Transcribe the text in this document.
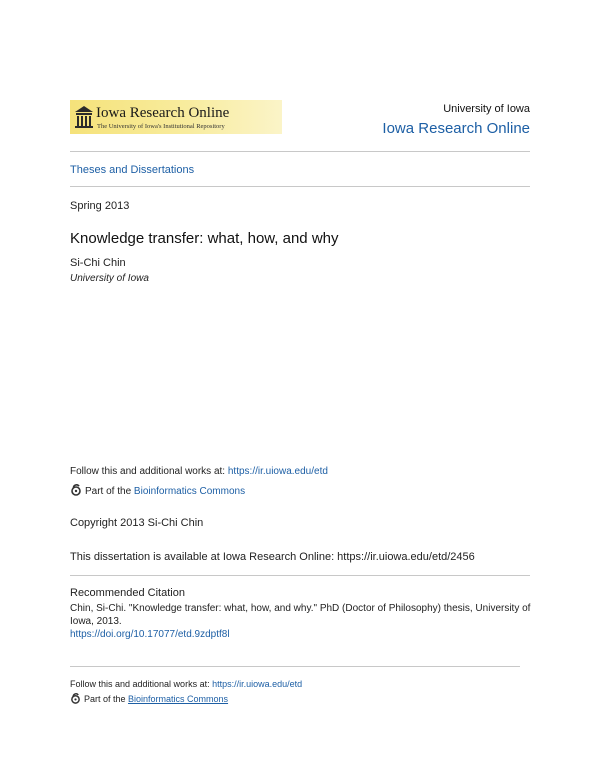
Iowa Research Online
The University of Iowa's Institutional Repository
University of Iowa
Iowa Research Online
Theses and Dissertations
Spring 2013
Knowledge transfer: what, how, and why
Si-Chi Chin
University of Iowa
Follow this and additional works at: https://ir.uiowa.edu/etd
Part of the Bioinformatics Commons
Copyright 2013 Si-Chi Chin
This dissertation is available at Iowa Research Online: https://ir.uiowa.edu/etd/2456
Recommended Citation
Chin, Si-Chi. "Knowledge transfer: what, how, and why." PhD (Doctor of Philosophy) thesis, University of
Iowa, 2013.
https://doi.org/10.17077/etd.9zdptf8l
Follow this and additional works at: https://ir.uiowa.edu/etd
Part of the Bioinformatics Commons
